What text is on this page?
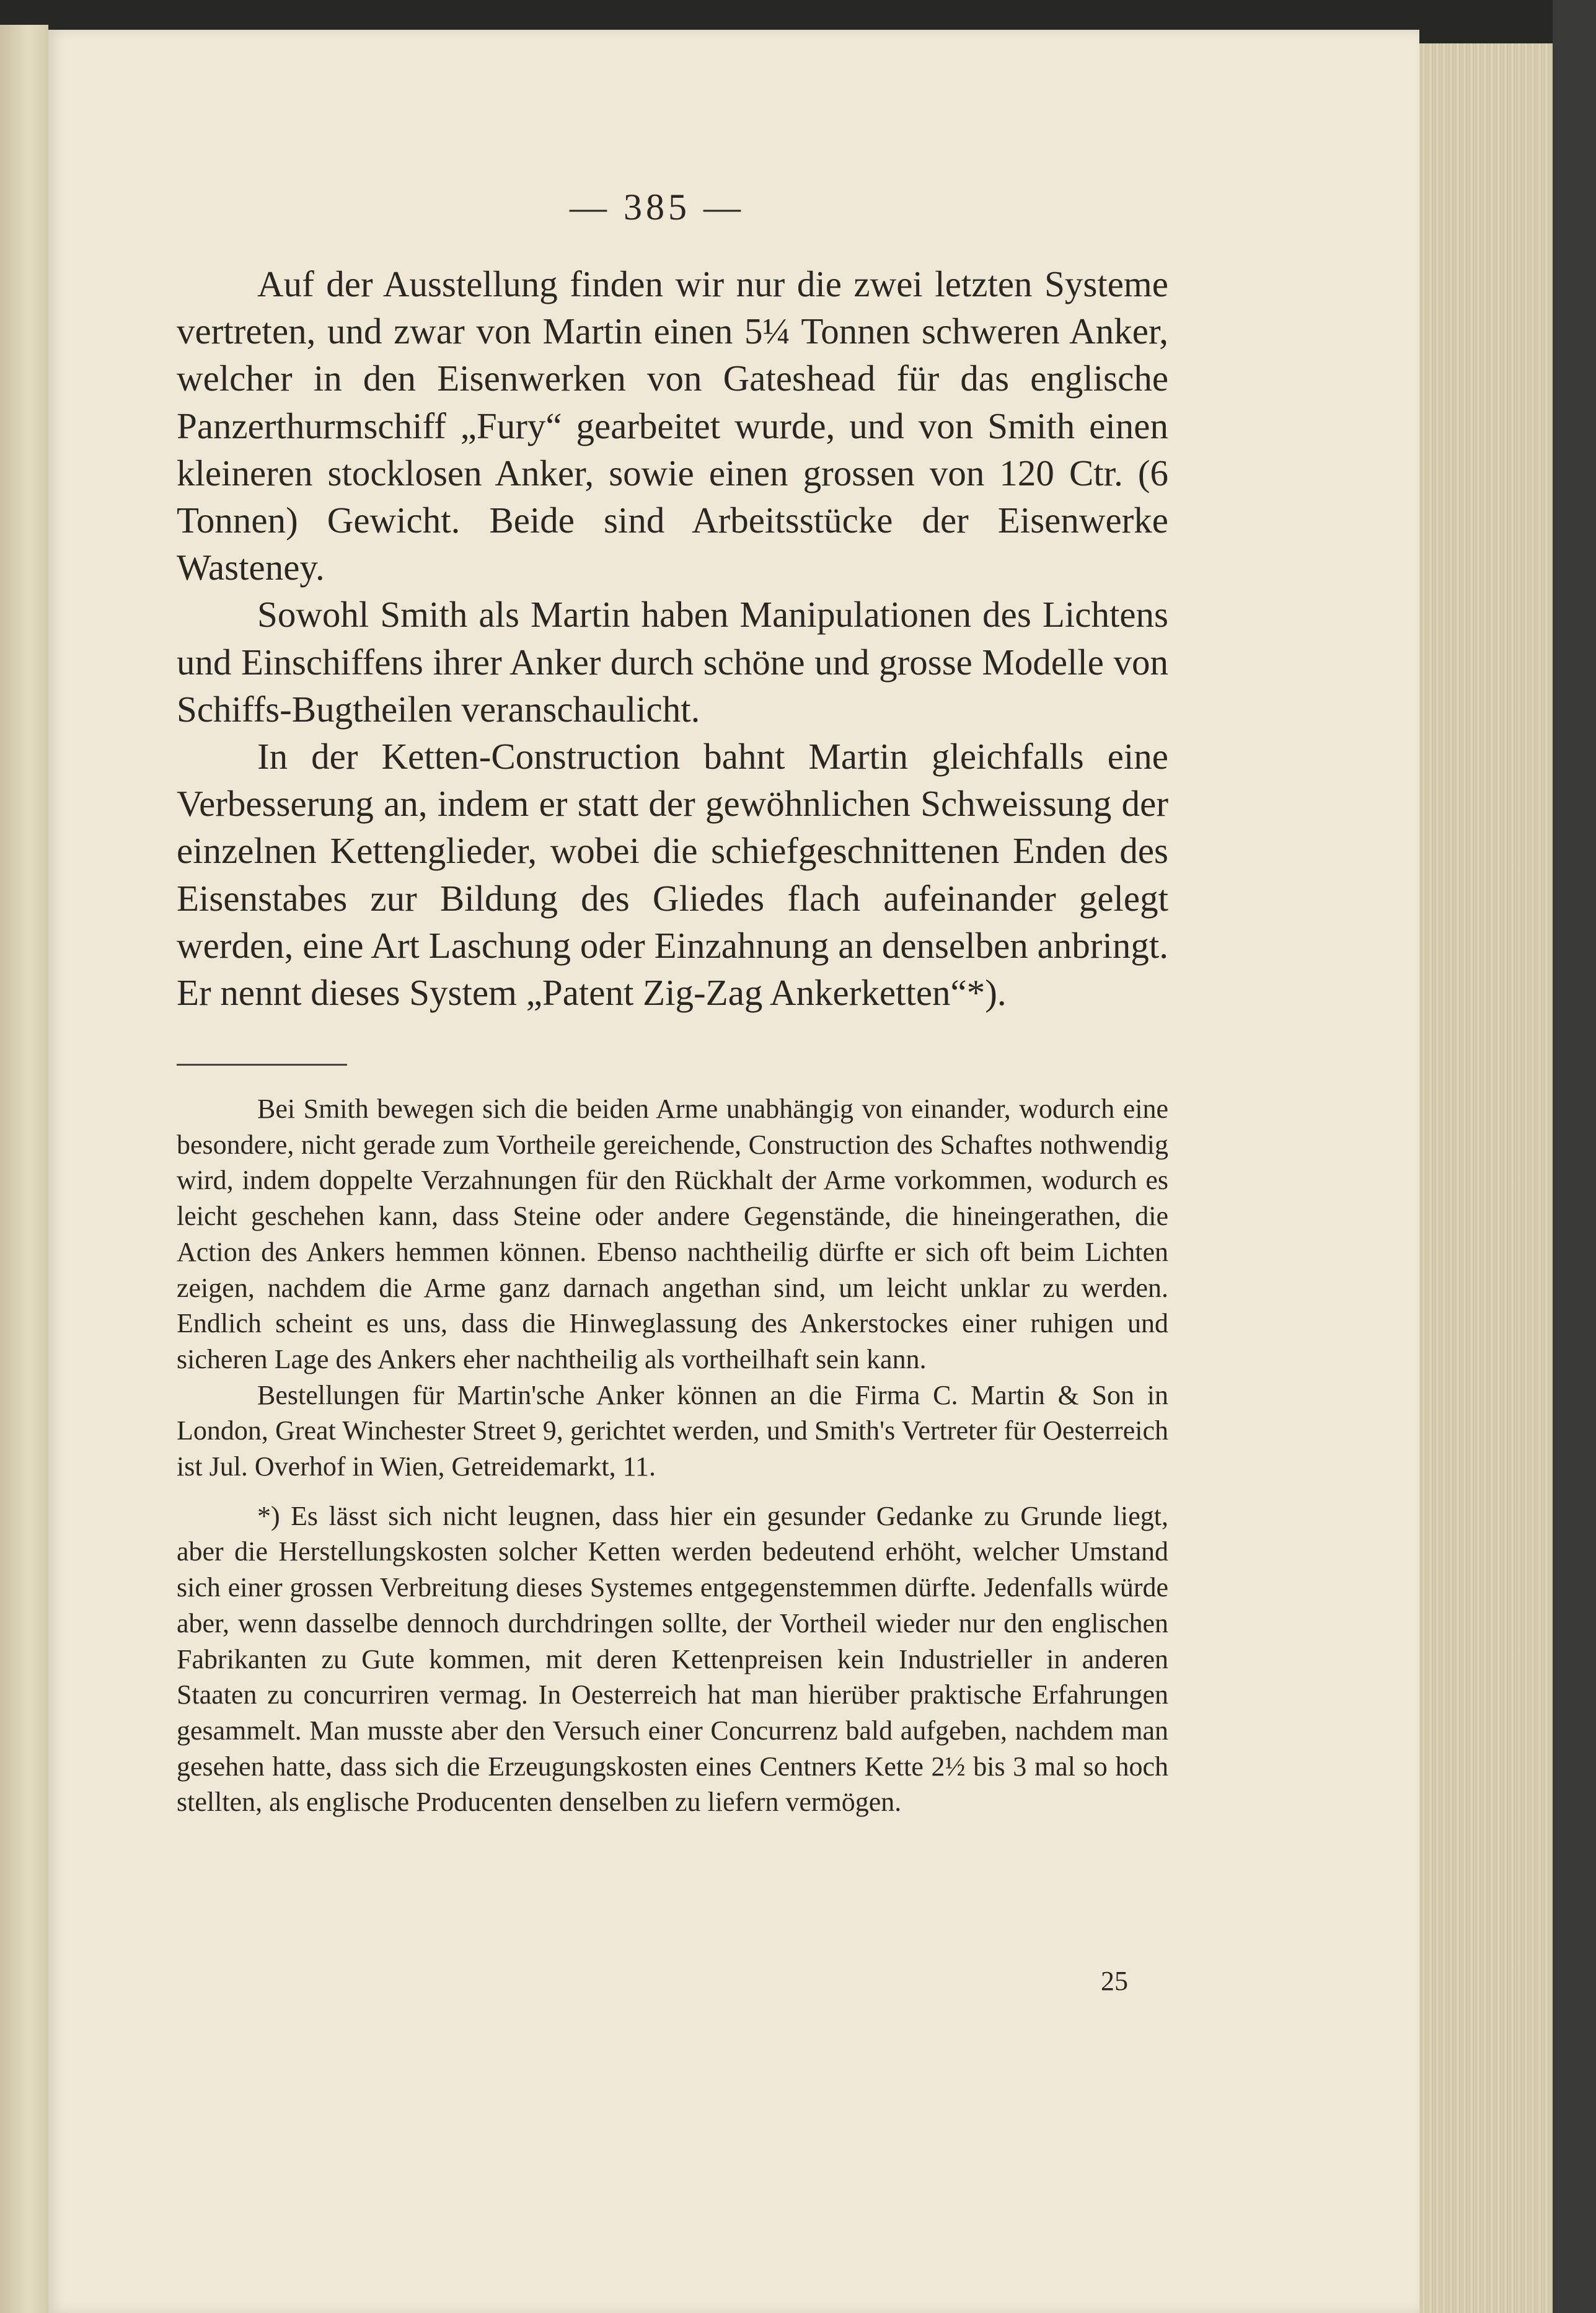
— 385 —

Auf der Ausstellung finden wir nur die zwei letzten Systeme vertreten, und zwar von Martin einen 5¼ Tonnen schweren Anker, welcher in den Eisenwerken von Gateshead für das englische Panzerthurmschiff „Fury“ gearbeitet wurde, und von Smith einen kleineren stocklosen Anker, sowie einen grossen von 120 Ctr. (6 Tonnen) Gewicht. Beide sind Arbeitsstücke der Eisenwerke Wasteney.

Sowohl Smith als Martin haben Manipulationen des Lichtens und Einschiffens ihrer Anker durch schöne und grosse Modelle von Schiffs-Bugtheilen veranschaulicht.

In der Ketten-Construction bahnt Martin gleichfalls eine Verbesserung an, indem er statt der gewöhnlichen Schweissung der einzelnen Kettenglieder, wobei die schiefgeschnittenen Enden des Eisenstabes zur Bildung des Gliedes flach aufeinander gelegt werden, eine Art Laschung oder Einzahnung an denselben anbringt. Er nennt dieses System „Patent Zig-Zag Ankerketten“*).

Bei Smith bewegen sich die beiden Arme unabhängig von einander, wodurch eine besondere, nicht gerade zum Vortheile gereichende, Construction des Schaftes nothwendig wird, indem doppelte Verzahnungen für den Rückhalt der Arme vorkommen, wodurch es leicht geschehen kann, dass Steine oder andere Gegenstände, die hineingerathen, die Action des Ankers hemmen können. Ebenso nachtheilig dürfte er sich oft beim Lichten zeigen, nachdem die Arme ganz darnach angethan sind, um leicht unklar zu werden. Endlich scheint es uns, dass die Hinweglassung des Ankerstockes einer ruhigen und sicheren Lage des Ankers eher nachtheilig als vortheilhaft sein kann.

Bestellungen für Martin'sche Anker können an die Firma C. Martin & Son in London, Great Winchester Street 9, gerichtet werden, und Smith's Vertreter für Oesterreich ist Jul. Overhof in Wien, Getreidemarkt, 11.

*) Es lässt sich nicht leugnen, dass hier ein gesunder Gedanke zu Grunde liegt, aber die Herstellungskosten solcher Ketten werden bedeutend erhöht, welcher Umstand sich einer grossen Verbreitung dieses Systemes entgegenstemmen dürfte. Jedenfalls würde aber, wenn dasselbe dennoch durchdringen sollte, der Vortheil wieder nur den englischen Fabrikanten zu Gute kommen, mit deren Kettenpreisen kein Industrieller in anderen Staaten zu concurriren vermag. In Oesterreich hat man hierüber praktische Erfahrungen gesammelt. Man musste aber den Versuch einer Concurrenz bald aufgeben, nachdem man gesehen hatte, dass sich die Erzeugungskosten eines Centners Kette 2½ bis 3 mal so hoch stellten, als englische Producenten denselben zu liefern vermögen.

25
